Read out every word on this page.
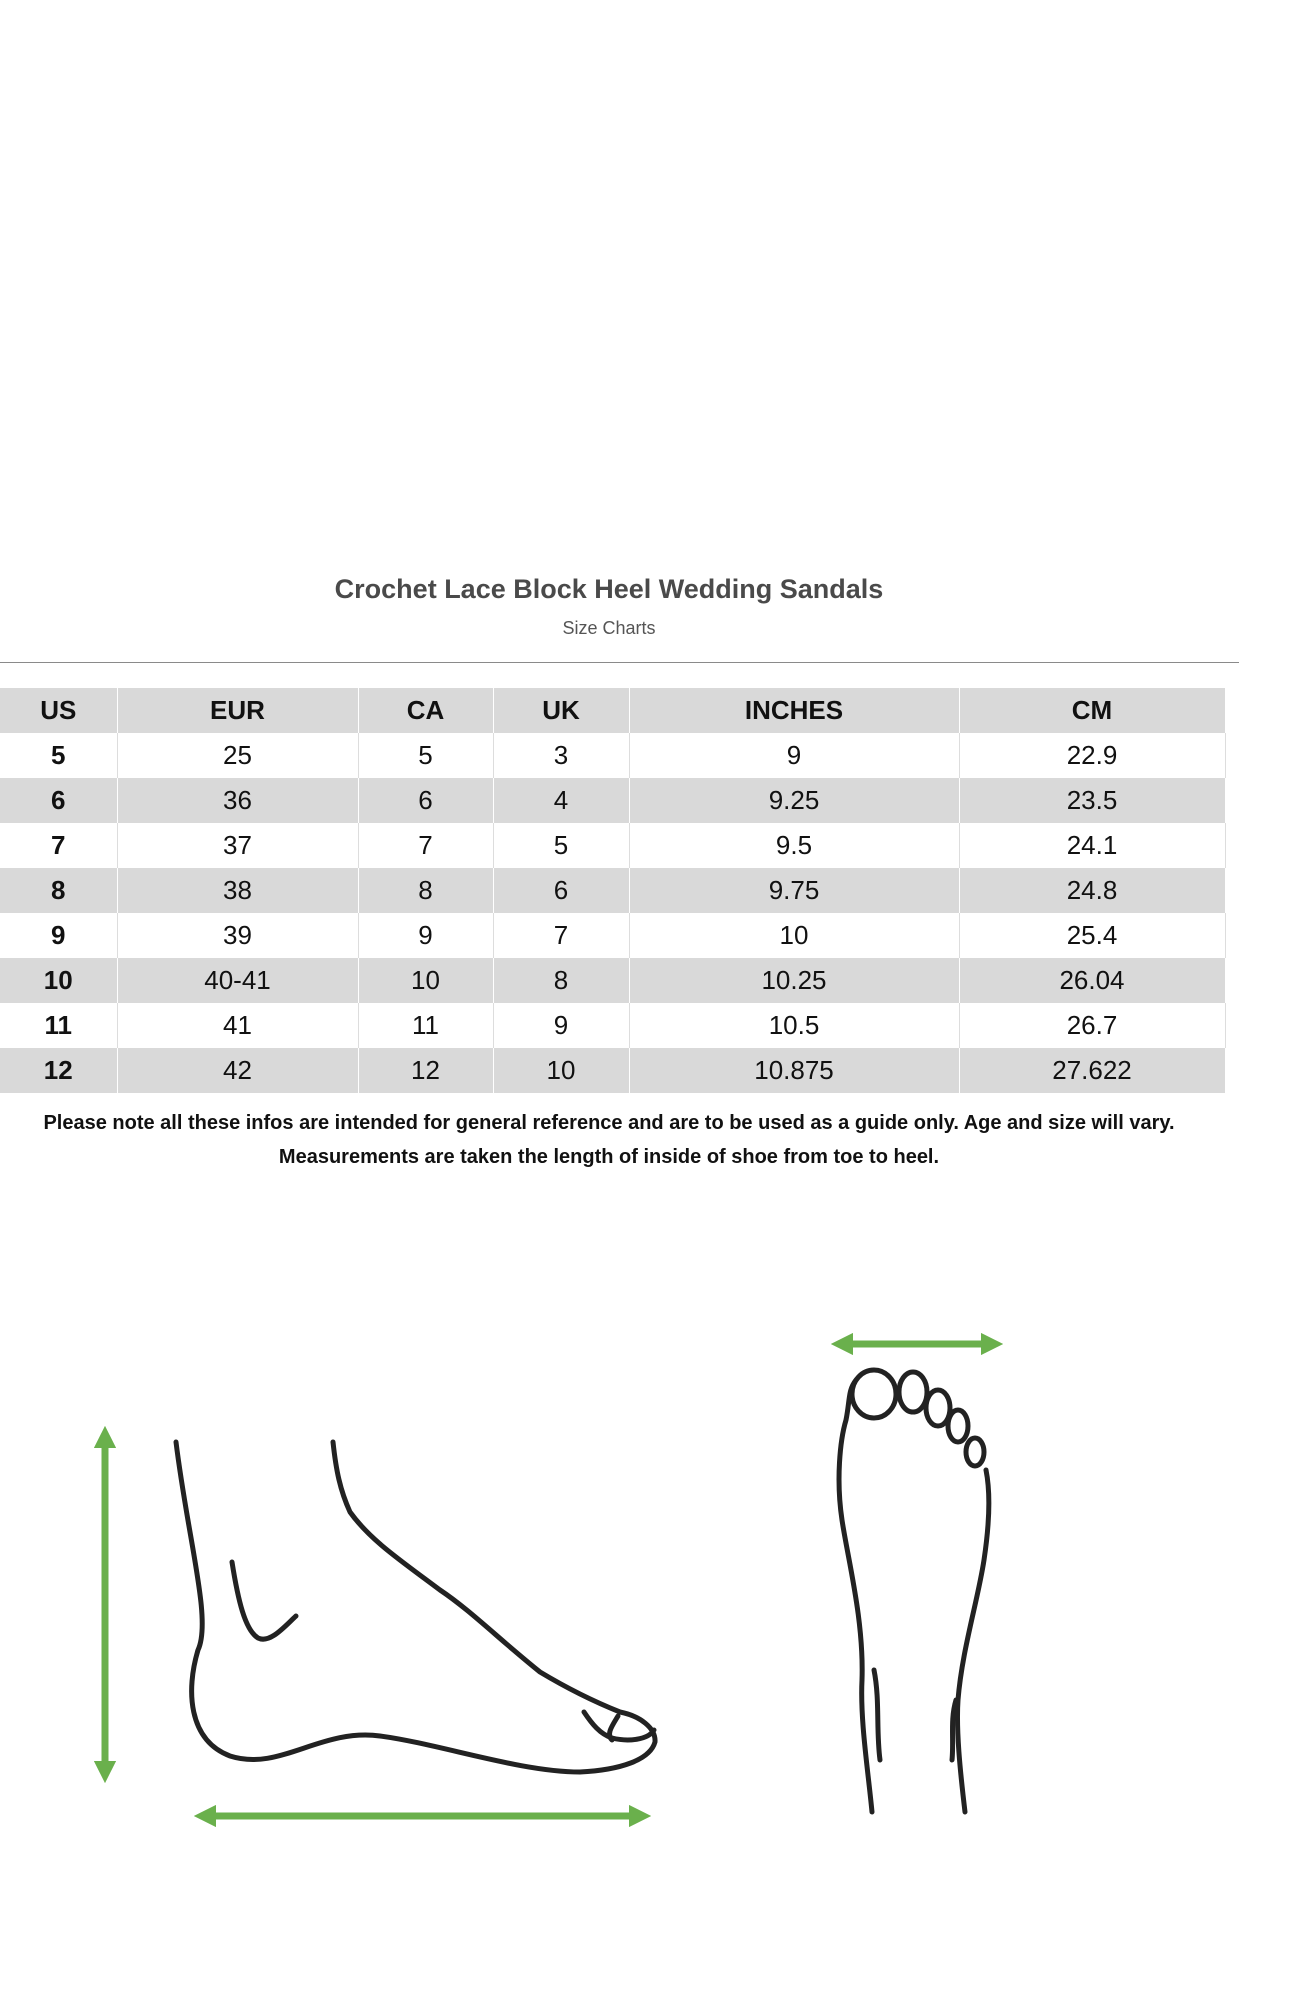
Crochet Lace Block Heel Wedding Sandals
Size Charts
US	EUR	CA	UK	INCHES	CM
5	25	5	3	9	22.9
6	36	6	4	9.25	23.5
7	37	7	5	9.5	24.1
8	38	8	6	9.75	24.8
9	39	9	7	10	25.4
10	40-41	10	8	10.25	26.04
11	41	11	9	10.5	26.7
12	42	12	10	10.875	27.622
Please note all these infos are intended for general reference and are to be used as a guide only. Age and size will vary.
Measurements are taken the length of inside of shoe from toe to heel.
